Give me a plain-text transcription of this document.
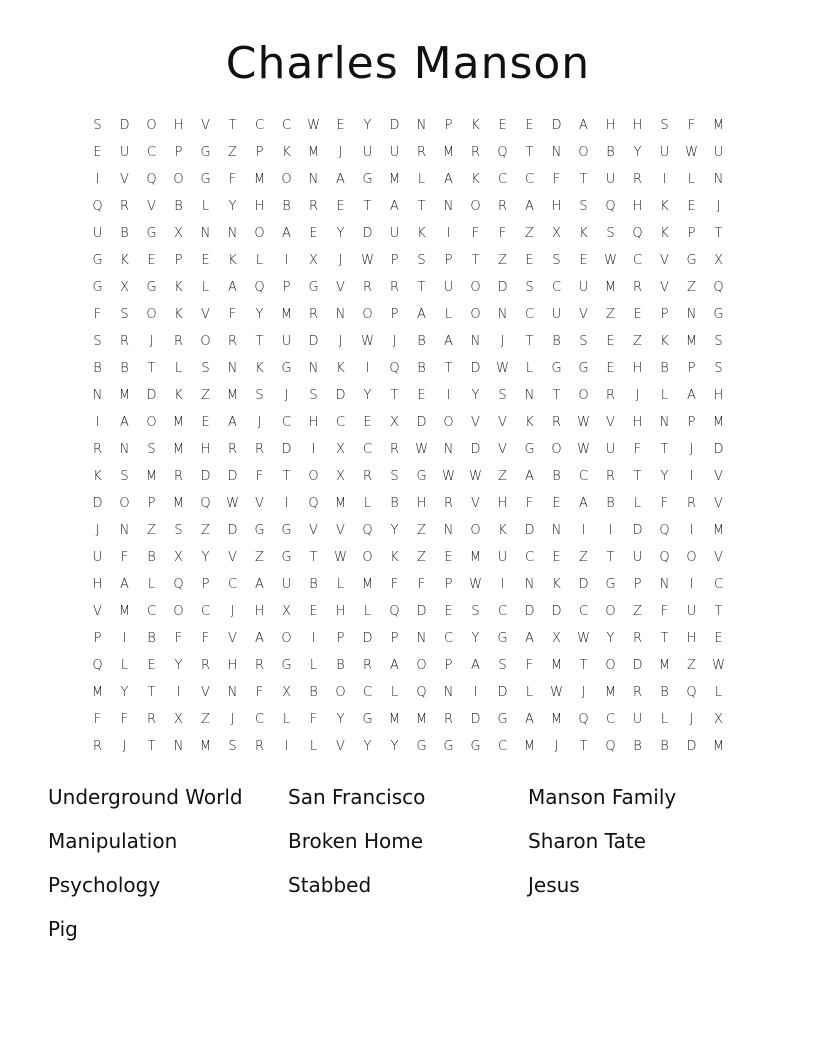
Charles Manson
S	D	O	H	V	T	C	C	W	E	Y	D	N	P	K	E	E	D	A	H	H	S	F	M
E	U	C	P	G	Z	P	K	M	J	U	U	R	M	R	Q	T	N	O	B	Y	U	W	U
I	V	Q	O	G	F	M	O	N	A	G	M	L	A	K	C	C	F	T	U	R	I	L	N
Q	R	V	B	L	Y	H	B	R	E	T	A	T	N	O	R	A	H	S	Q	H	K	E	J
U	B	G	X	N	N	O	A	E	Y	D	U	K	I	F	F	Z	X	K	S	Q	K	P	T
G	K	E	P	E	K	L	I	X	J	W	P	S	P	T	Z	E	S	E	W	C	V	G	X
G	X	G	K	L	A	Q	P	G	V	R	R	T	U	O	D	S	C	U	M	R	V	Z	Q
F	S	O	K	V	F	Y	M	R	N	O	P	A	L	O	N	C	U	V	Z	E	P	N	G
S	R	J	R	O	R	T	U	D	J	W	J	B	A	N	J	T	B	S	E	Z	K	M	S
B	B	T	L	S	N	K	G	N	K	I	Q	B	T	D	W	L	G	G	E	H	B	P	S
N	M	D	K	Z	M	S	J	S	D	Y	T	E	I	Y	S	N	T	O	R	J	L	A	H
I	A	O	M	E	A	J	C	H	C	E	X	D	O	V	V	K	R	W	V	H	N	P	M
R	N	S	M	H	R	R	D	I	X	C	R	W	N	D	V	G	O	W	U	F	T	J	D
K	S	M	R	D	D	F	T	O	X	R	S	G	W	W	Z	A	B	C	R	T	Y	I	V
D	O	P	M	Q	W	V	I	Q	M	L	B	H	R	V	H	F	E	A	B	L	F	R	V
J	N	Z	S	Z	D	G	G	V	V	Q	Y	Z	N	O	K	D	N	I	I	D	Q	I	M
U	F	B	X	Y	V	Z	G	T	W	O	K	Z	E	M	U	C	E	Z	T	U	Q	O	V
H	A	L	Q	P	C	A	U	B	L	M	F	F	P	W	I	N	K	D	G	P	N	I	C
V	M	C	O	C	J	H	X	E	H	L	Q	D	E	S	C	D	D	C	O	Z	F	U	T
P	I	B	F	F	V	A	O	I	P	D	P	N	C	Y	G	A	X	W	Y	R	T	H	E
Q	L	E	Y	R	H	R	G	L	B	R	A	O	P	A	S	F	M	T	O	D	M	Z	W
M	Y	T	I	V	N	F	X	B	O	C	L	Q	N	I	D	L	W	J	M	R	B	Q	L
F	F	R	X	Z	J	C	L	F	Y	G	M	M	R	D	G	A	M	Q	C	U	L	J	X
R	J	T	N	M	S	R	I	L	V	Y	Y	G	G	G	C	M	J	T	Q	B	B	D	M
Underground World	San Francisco	Manson Family
Manipulation	Broken Home	Sharon Tate
Psychology	Stabbed	Jesus
Pig
